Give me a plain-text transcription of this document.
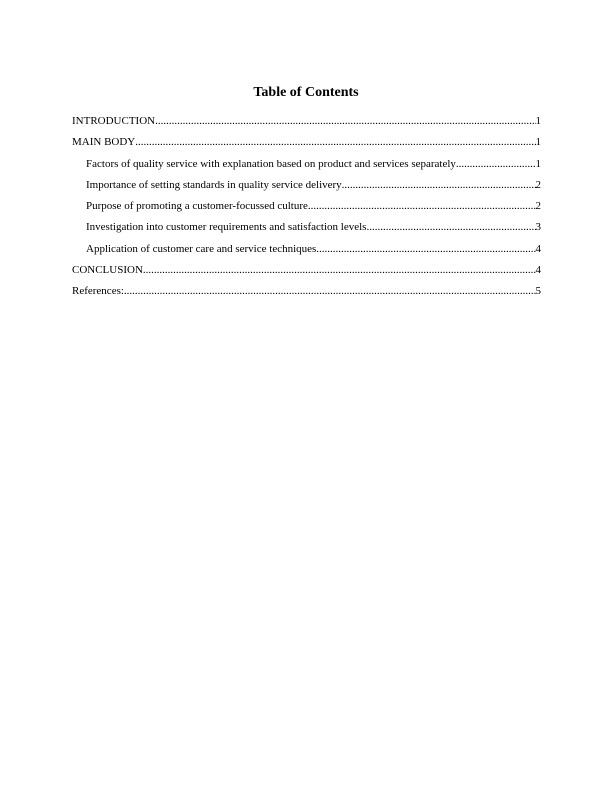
Table of Contents
INTRODUCTION .....	1
MAIN BODY .....	1
Factors of quality service with explanation based on product and services separately .....	1
Importance of setting standards in quality service delivery .....	2
Purpose of promoting a customer-focussed culture .....	2
Investigation into customer requirements and satisfaction levels .....	3
Application of customer care and service techniques .....	4
CONCLUSION .....	4
References: .....	5
